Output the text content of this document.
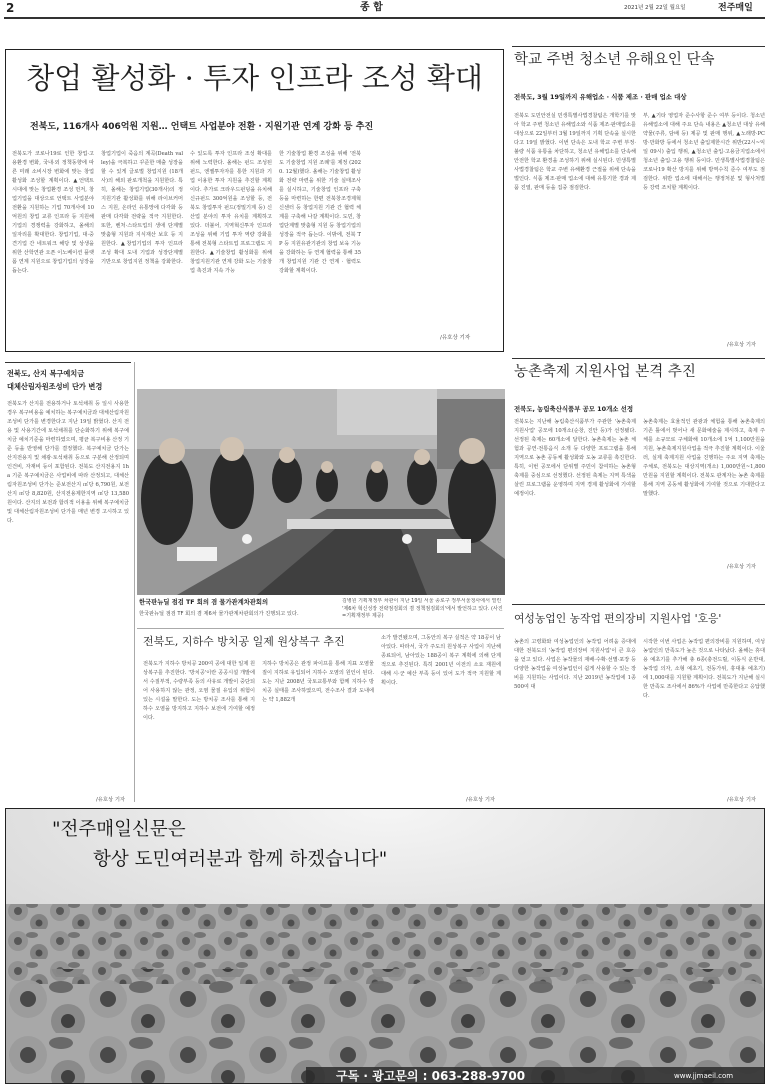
2	종 합	2021년 2월 22일 월요일	전주매일
창업 활성화 · 투자 인프라 조성 확대
전북도, 116개사 406억원 지원… 언택트 사업분야 전환 · 지원기관 연계 강화 등 추진
전북도가 코로나19로 인한 창업·고용환경 변화, 국내·외 정책동향에 따른 미래 소비시장 변화에 맞는 창업활성화 조성할 계획이다. ▲언택트 시대에 맞는 창업환경 조성 먼저, 창업기업을 대상으로 언택트 사업분야 전환을 지원하는 기업 70개사에 10억원의 창업 교류 인프라 등 지원해 기업의 경쟁력을 강화하고, 올해의 일자리를 확대한다. 창업기업, 대·중견기업 간 네트워크 해당 및 상생을 위한 산학연관 오픈 이노베이션 플랫폼 연계 지원으로 창업기업의 성장을 돕는다.
창업기업이 죽음의 계곡(Death valley)을 극복하고 꾸준한 매출 성장을 할 수 있게 글로벌 창업지원 (18개사)의 해외 판로개척을 지원한다. 특히, 올해는 창업기업(30개사)의 정지원기관 활성화를 위해 라이브커머스 지원, 온라인 유통망에 다각화 등 판매 다각화 전략을 적극 지원한다. 또한, 벤처·스타트업의 생애 단계별 맞춤형 지원과 지식재산 보호 등 지원한다. ▲창업기업의 투자 인프라 조성 확대 도내 기업과 성장단계별 기반으로 창업지원 정책을 강화한다.
수 있도록 투자 인프라 조성 확대를 위해 노력한다. 올해는 펀드 조성된 펀드, 엔젤투자자를 통한 지원과 기업 이용한 투자 지원을 추진할 계획이다. 추가로 크라우드펀딩을 유치해 신규펀드 300억원을 조성할 등, 전북도 창업투자 펀드(정밀기계 등) 신산업 분야의 투자 유치를 계획하고 있다. 더불어, 지역혁신투자 인프라 조성을 위해 기업 투자 역량 강화를 통해 전북형 스타트업 프로그램도 지원한다. ▲기술창업 활성화를 위해 창업지원기관 연계 강화 도는 기술창업 촉진과 지속 가능
한 기술창업 환경 조성을 위해 '전북도 기술창업 지원 조례'를 제정 (2020. 12월)했다. 올해는 기술창업 활성화 전략 마련을 위한 기술 실태조사를 실시하고, 기술창업 인프라 구축 등을 마련하는 한편 전북창조경제혁신센터 등 창업지원 기관 간 협력 체계를 구축해 나갈 계획이다. 도민, 창업단계별 맞춤형 지원 등 창업기업의 성장을 적극 돕는다. 이밖에, 전북 TP 등 지원유관기관의 창업 보육 기능을 강화하는 등 연계 협력을 통해 35개 창업지원 기관 간 연계 · 협력도 강화할 계획이다.
/유호상 기자
학교 주변 청소년 유해요인 단속
전북도, 3월 19일까지 유해업소 · 식품 제조 · 판매 업소 대상
전북도 도민안전실 민생특별사법경찰팀은 개학기를 맞아 학교 주변 청소년 유해업소와 식품 제조·판매업소를 대상으로 22일부터 3월 19일까지 기획 단속을 실시한다고 19일 밝혔다. 이번 단속은 도내 학교 주변 부정·불량 식품 유통을 차단하고, 청소년 유해업소를 단속해 안전한 학교 환경을 조성하기 위해 실시된다. 민생특별사법경찰팀은 학교 주변 유해환경 근절을 위해 단속을 벌인다. 식품 제조·판매 업소에 대해 유통기한 경과 제품 진열, 판매 등을 집중 점검한다.
부, ▲기타 영업자 준수사항 준수 여부 등이다. 청소년 유해업소에 대해 주요 단속 내용은 ▲청소년 대상 유해약물(주류, 담배 등) 제공 및 판매 행위, ▲노래방·PC방·만화방 등에서 청소년 출입제한시간 위반(22시~익일 09시) 출입 행위, ▲청소년 출입·고용금지업소에서 청소년 출입·고용 행위 등이다. 민생특별사법경찰팀은 코로나19 확산 방지를 위해 방역수칙 준수 여부도 점검한다. 위반 업소에 대해서는 행정처분 및 형사처벌 등 강력 조치할 계획이다.
/유호상 기자
전북도, 산지 복구예치금
대체산림자원조성비 단가 변경
전북도가 산지를 전용하거나 토석채취 등 일시 사용한 경우 복구비용을 예치하는 복구예치금과 대체산림자원조성비 단가를 변경한다고 지난 19일 밝혔다. 산지 전용 및 사용기간에 토석채취를 단순화하기 위해 복구예치금 예치기준을 마련하였으며, 평균 복구비용 산정 기준 등을 반영해 단가를 결정했다. 복구예치금 단가는 산지전용지 및 채광·토석채취 등으로 구분해 산정되며 인건비, 자재비 등이 포함된다. 전북도 산지전용지 1ha 기준 복구예치금은 사업비에 따라 산정되고, 대체산림자원조성비 단가는 준보전산지 ㎡당 6,790원, 보전산지 ㎡당 8,820원, 산지전용제한지역 ㎡당 13,580원이다. 산지의 보전과 합리적 이용을 위해 복구예치금 및 대체산림자원조성비 단가를 매년 변경 고시하고 있다.
/유호상 기자
한국판뉴딜 점검 TF 회의 겸 물가관계차관회의
한국판뉴딜 점검 TF 회의 겸 제6차 물가관계차관회의가 진행되고 있다.
김병원 기획재정부 차관이 지난 19일 서울 종로구 정부서울청사에서 열린 '제6차 혁신성장 전략점검회의 겸 정책점검회의'에서 발언하고 있다. (사진=기획재정부 제공)
농촌축제 지원사업 본격 추진
전북도, 농림축산식품부 공모 10개소 선정
전북도는 지난해 농림축산식품부가 주관한 '농촌축제 지원사업' 공모에 10개소(순창, 진안 등)가 선정됐다. 선정된 축제는 60개소에 달한다. 농촌축제는 농촌 체험과 공연·전통음식 소개 등 다양한 프로그램을 통해 지역으로 농촌 공동체 활성화와 도농 교류를 촉진한다. 특히, 이번 공모에서 단위별 주민이 참여하는 농촌형 축제를 중심으로 선정했다. 선정된 축제는 지역 특색을 살린 프로그램을 운영하며 지역 경제 활성화에 기여할 예정이다.
농촌축제는 효율적인 관광과 체험을 통해 농촌축제의 기존 틀에서 벗어나 새 문화예술을 제시하고, 축제 주체를 소규모로 구체화해 10개소에 1억 1,100만원을 지원, 농촌축제지원사업을 적극 추진할 계획이다. 이울러, 실제 축제지원 사업을 진행하는 주요 지역 축제는 주체로, 전북도는 대상지역(개소) 1,000만원~1,800만원을 지원할 계획이다. 전북도 관계자는 농촌 축제를 통해 지역 공동체 활성화에 기여할 것으로 기대한다고 말했다.
/유호상 기자
전북도, 지하수 방치공 일제 원상복구 추진
전북도가 지하수 방치공 200여 공에 대한 일제 원상복구를 추진한다. '방치공'이란 공공시설 개발에서 수질부적, 수량부족 등의 사유로 개발이 중단되어 사용하지 않는 관정, 오염 물질 유입의 위험이 있는 시설을 말한다. 도는 방치공 조사를 통해 지하수 오염을 방지하고 지하수 보전에 기여할 예정이다.
지하수 방치공은 관정 파이프를 통해 지표 오염물질이 지하로 유입되어 지하수 오염의 원인이 된다. 도는 지난 2008년 국토교통부와 함께 지하수 방치공 실태를 조사하였으며, 전수조사 결과 도내에는 약 1,882개
소가 발견됐으며, 그동안의 복구 실적은 약 18공이 남아있다. 따라서, 국가 주도의 원상복구 사업이 지난해 종료되어, 남아있는 188공이 복구 계획에 의해 단계적으로 추진된다. 특히 2001년 이전의 소요 재원에 대해 시·군 예산 부족 등이 있어 도가 적극 지원할 계획이다.
/유호상 기자
여성농업인 농작업 편의장비 지원사업 '호응'
농촌의 고령화와 여성농업인의 농작업 어려움 증대에 대한 전북도의 '농작업 편의장비 지원사업'이 큰 호응을 얻고 있다. 사업은 농작물의 재배·수확·선별·포장 등 다양한 농작업을 여성농업인이 쉽게 사용할 수 있는 장비를 지원하는 사업이다. 지난 2019년 농작업에 1종 500여 대
시작한 이번 사업은 농작업 편의장비를 지원하며, 여성농업인의 만족도가 높은 것으로 나타났다. 올해는 휴대용 예초기를 추가해 총 6종(충전드릴, 이동식 운반대, 농작업 의자, 소형 예초기, 전동가위, 휴대용 예초기)에 1,000대를 지원할 계획이다. 전북도가 지난해 실시한 만족도 조사에서 86%가 사업에 만족한다고 응답했다.
/유호상 기자
"전주매일신문은
항상 도민여러분과 함께 하겠습니다"
구독 · 광고문의 : 063-288-9700	www.jjmaeil.com
